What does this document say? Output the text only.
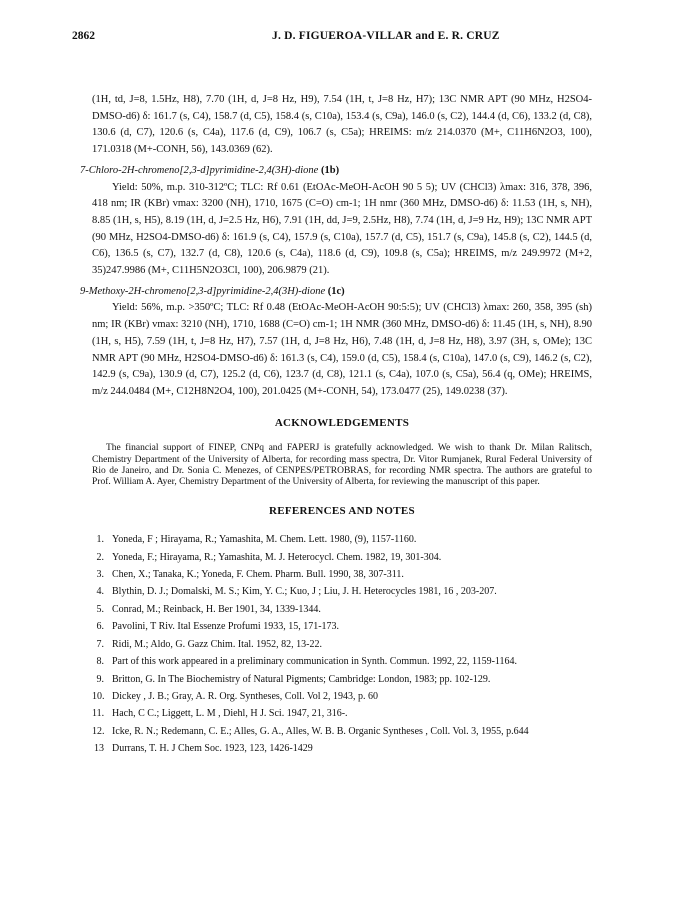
2862	J. D. FIGUEROA-VILLAR and E. R. CRUZ

(1H, td, J=8, 1.5Hz, H8), 7.70 (1H, d, J=8 Hz, H9), 7.54 (1H, t, J=8 Hz, H7); 13C NMR APT (90 MHz, H2SO4-DMSO-d6) δ: 161.7 (s, C4), 158.7 (d, C5), 158.4 (s, C10a), 153.4 (s, C9a), 146.0 (s, C2), 144.4 (d, C6), 133.2 (d, C8), 130.6 (d, C7), 120.6 (s, C4a), 117.6 (d, C9), 106.7 (s, C5a); HREIMS: m/z 214.0370 (M+, C11H6N2O3, 100), 171.0318 (M+-CONH, 56), 143.0369 (62).

7-Chloro-2H-chromeno[2,3-d]pyrimidine-2,4(3H)-dione (1b)

Yield: 50%, m.p. 310-312ºC; TLC: Rf 0.61 (EtOAc-MeOH-AcOH 90 5 5); UV (CHCl3) λmax: 316, 378, 396, 418 nm; IR (KBr) vmax: 3200 (NH), 1710, 1675 (C=O) cm-1; 1H nmr (360 MHz, DMSO-d6) δ: 11.53 (1H, s, NH), 8.85 (1H, s, H5), 8.19 (1H, d, J=2.5 Hz, H6), 7.91 (1H, dd, J=9, 2.5Hz, H8), 7.74 (1H, d, J=9 Hz, H9); 13C NMR APT (90 MHz, H2SO4-DMSO-d6) δ: 161.9 (s, C4), 157.9 (s, C10a), 157.7 (d, C5), 151.7 (s, C9a), 145.8 (s, C2), 144.5 (d, C6), 136.5 (s, C7), 132.7 (d, C8), 120.6 (s, C4a), 118.6 (d, C9), 109.8 (s, C5a); HREIMS, m/z 249.9972 (M+2, 35)247.9986 (M+, C11H5N2O3Cl, 100), 206.9879 (21).

9-Methoxy-2H-chromeno[2,3-d]pyrimidine-2,4(3H)-dione (1c)

Yield: 56%, m.p. >350ºC; TLC: Rf 0.48 (EtOAc-MeOH-AcOH 90:5:5); UV (CHCl3) λmax: 260, 358, 395 (sh) nm; IR (KBr) vmax: 3210 (NH), 1710, 1688 (C=O) cm-1; 1H NMR (360 MHz, DMSO-d6) δ: 11.45 (1H, s, NH), 8.90 (1H, s, H5), 7.59 (1H, t, J=8 Hz, H7), 7.57 (1H, d, J=8 Hz, H6), 7.48 (1H, d, J=8 Hz, H8), 3.97 (3H, s, OMe); 13C NMR APT (90 MHz, H2SO4-DMSO-d6) δ: 161.3 (s, C4), 159.0 (d, C5), 158.4 (s, C10a), 147.0 (s, C9), 146.2 (s, C2), 142.9 (s, C9a), 130.9 (d, C7), 125.2 (d, C6), 123.7 (d, C8), 121.1 (s, C4a), 107.0 (s, C5a), 56.4 (q, OMe); HREIMS, m/z 244.0484 (M+, C12H8N2O4, 100), 201.0425 (M+-CONH, 54), 173.0477 (25), 149.0238 (37).

ACKNOWLEDGEMENTS

The financial support of FINEP, CNPq and FAPERJ is gratefully acknowledged. We wish to thank Dr. Milan Ralitsch, Chemistry Department of the University of Alberta, for recording mass spectra, Dr. Vitor Rumjanek, Rural Federal University of Rio de Janeiro, and Dr. Sonia C. Menezes, of CENPES/PETROBRAS, for recording NMR spectra. The authors are grateful to Prof. William A. Ayer, Chemistry Department of the University of Alberta, for reviewing the manuscript of this paper.

REFERENCES AND NOTES
1. Yoneda, F ; Hirayama, R.; Yamashita, M. Chem. Lett. 1980, (9), 1157-1160.
2. Yoneda, F.; Hirayama, R.; Yamashita, M. J. Heterocycl. Chem. 1982, 19, 301-304.
3. Chen, X.; Tanaka, K.; Yoneda, F. Chem. Pharm. Bull. 1990, 38, 307-311.
4. Blythin, D. J.; Domalski, M. S.; Kim, Y. C.; Kuo, J ; Liu, J. H. Heterocycles 1981, 16 , 203-207.
5. Conrad, M.; Reinback, H. Ber 1901, 34, 1339-1344.
6. Pavolini, T Riv. Ital Essenze Profumi 1933, 15, 171-173.
7. Ridi, M.; Aldo, G. Gazz Chim. Ital. 1952, 82, 13-22.
8. Part of this work appeared in a preliminary communication in Synth. Commun. 1992, 22, 1159-1164.
9. Britton, G. In The Biochemistry of Natural Pigments; Cambridge: London, 1983; pp. 102-129.
10. Dickey , J. B.; Gray, A. R. Org. Syntheses, Coll. Vol 2, 1943, p. 60
11. Hach, C C.; Liggett, L. M , Diehl, H J. Sci. 1947, 21, 316-.
12. Icke, R. N.; Redemann, C. E.; Alles, G. A., Alles, W. B. B. Organic Syntheses , Coll. Vol. 3, 1955, p.644
13 Durrans, T. H. J Chem Soc. 1923, 123, 1426-1429
